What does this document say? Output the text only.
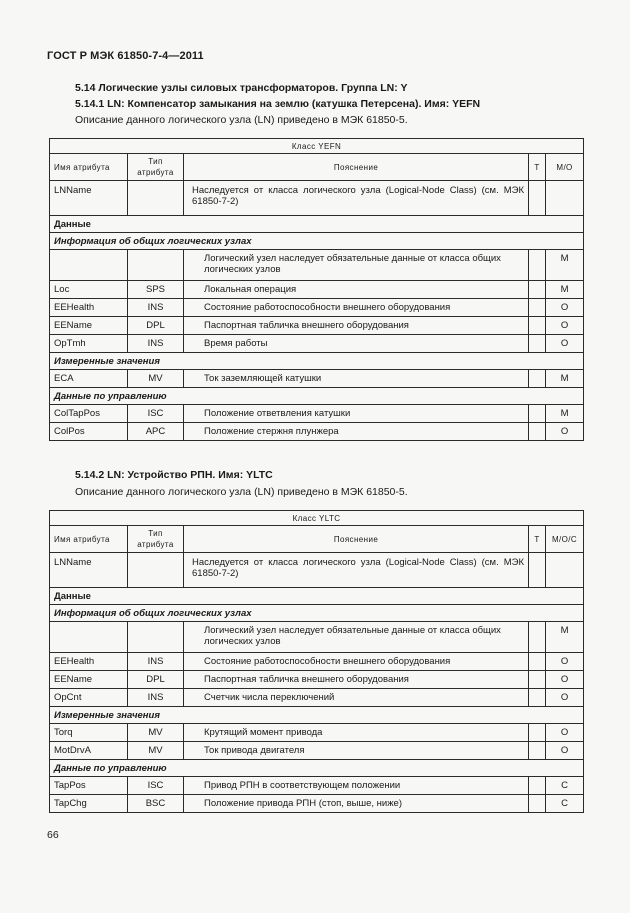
ГОСТ Р МЭК 61850-7-4—2011
5.14 Логические узлы силовых трансформаторов. Группа LN: Y
5.14.1 LN: Компенсатор замыкания на землю (катушка Петерсена). Имя: YEFN
Описание данного логического узла (LN) приведено в МЭК 61850-5.
Класс YEFN				
Имя атрибута	Тип атрибута	Пояснение	T	M/O
LNName		Наследуется от класса логического узла (Logical-Node Class) (см. МЭК 61850-7-2)		
Данные				
Информация об общих логических узлах				
		Логический узел наследует обязательные данные от класса общих логических узлов		M
Loc	SPS	Локальная операция		M
EEHealth	INS	Состояние работоспособности внешнего оборудования		O
EEName	DPL	Паспортная табличка внешнего оборудования		O
OpTmh	INS	Время работы		O
Измеренные значения				
ECA	MV	Ток заземляющей катушки		M
Данные по управлению				
ColTapPos	ISC	Положение ответвления катушки		M
ColPos	APC	Положение стержня плунжера		O
5.14.2 LN: Устройство РПН. Имя: YLTC
Описание данного логического узла (LN) приведено в МЭК 61850-5.
Класс YLTC				
Имя атрибута	Тип атрибута	Пояснение	T	M/O/C
LNName		Наследуется от класса логического узла (Logical-Node Class) (см. МЭК 61850-7-2)		
Данные				
Информация об общих логических узлах				
		Логический узел наследует обязательные данные от класса общих логических узлов		M
EEHealth	INS	Состояние работоспособности внешнего оборудования		O
EEName	DPL	Паспортная табличка внешнего оборудования		O
OpCnt	INS	Счетчик числа переключений		O
Измеренные значения				
Torq	MV	Крутящий момент привода		O
MotDrvA	MV	Ток привода двигателя		O
Данные по управлению				
TapPos	ISC	Привод РПН в соответствующем положении		C
TapChg	BSC	Положение привода РПН (стоп, выше, ниже)		C
66
